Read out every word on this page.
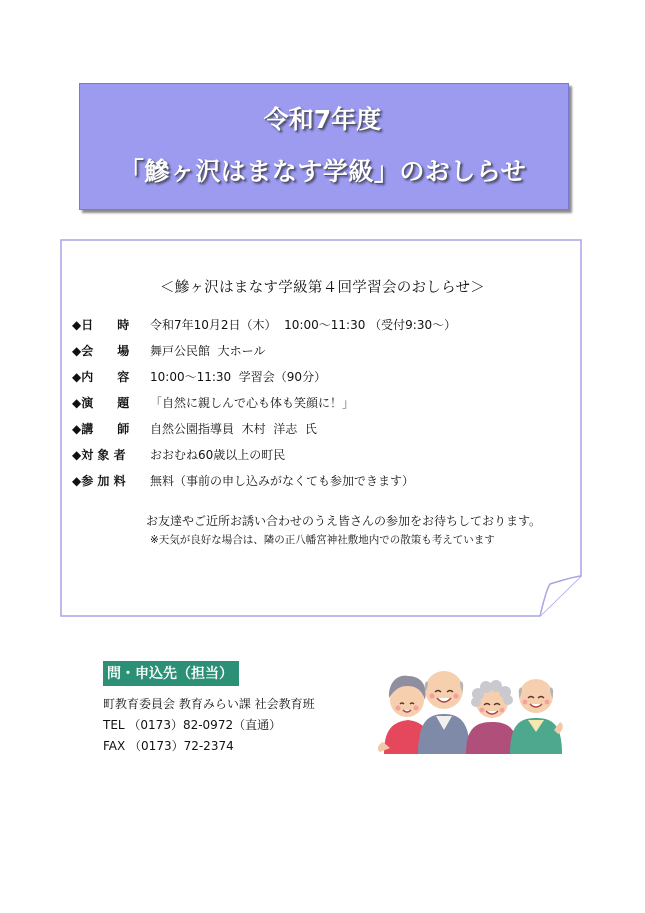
令和7年度
「鰺ヶ沢はまなす学級」のおしらせ
＜鰺ヶ沢はまなす学級第４回学習会のおしらせ＞
◆日　　時 令和7年10月2日（木）  10:00～11:30 （受付9:30～）
◆会　　場 舞戸公民館  大ホール
◆内　　容 10:00～11:30  学習会（90分）
◆演　　題 「自然に親しんで心も体も笑顔に！」
◆講　　師 自然公園指導員  木村  洋志  氏
◆対 象 者 おおむね60歳以上の町民
◆参 加 料 無料（事前の申し込みがなくても参加できます）
お友達やご近所お誘い合わせのうえ皆さんの参加をお待ちしております。
※天気が良好な場合は、隣の正八幡宮神社敷地内での散策も考えています
問・申込先（担当）
町教育委員会 教育みらい課 社会教育班
TEL （0173）82-0972（直通）
FAX （0173）72-2374
